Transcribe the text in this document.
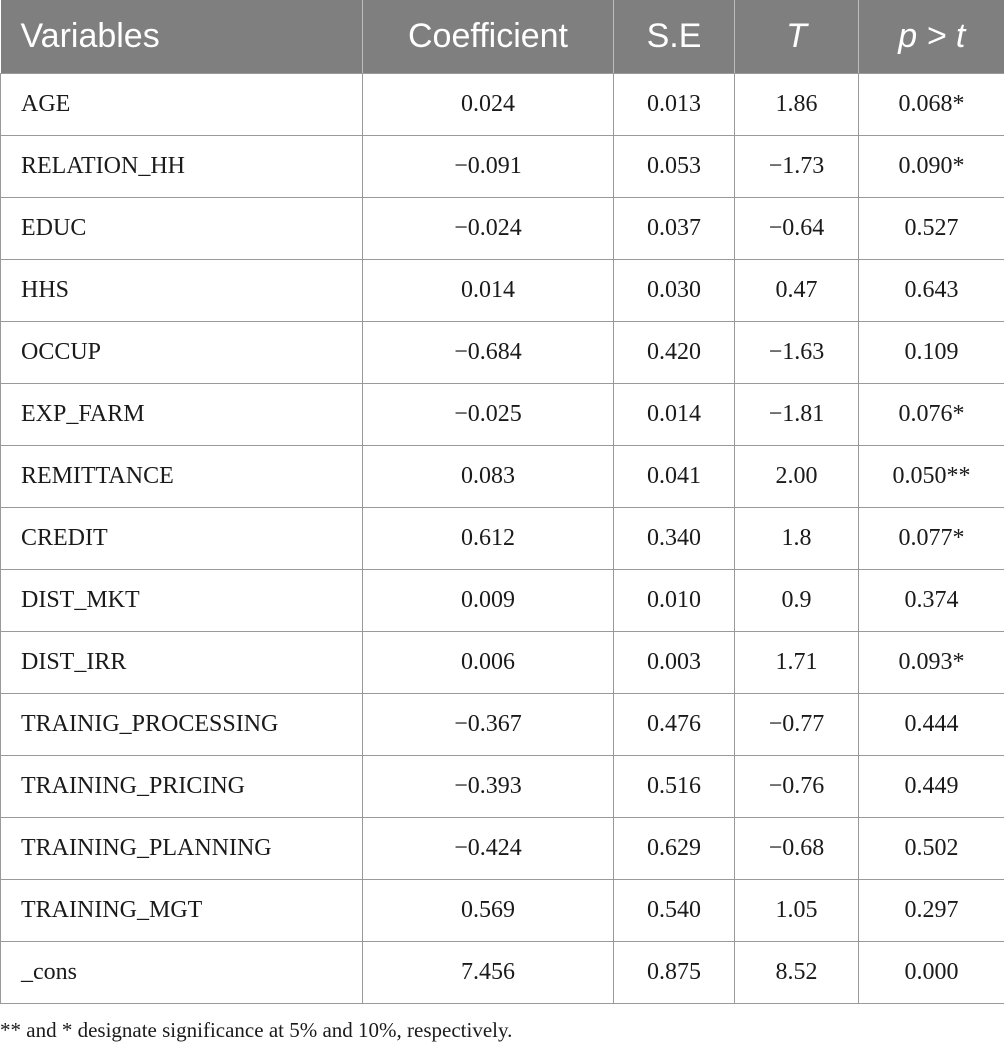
Variables	Coefficient	S.E	T	p > t
AGE	0.024	0.013	1.86	0.068*
RELATION_HH	−0.091	0.053	−1.73	0.090*
EDUC	−0.024	0.037	−0.64	0.527
HHS	0.014	0.030	0.47	0.643
OCCUP	−0.684	0.420	−1.63	0.109
EXP_FARM	−0.025	0.014	−1.81	0.076*
REMITTANCE	0.083	0.041	2.00	0.050**
CREDIT	0.612	0.340	1.8	0.077*
DIST_MKT	0.009	0.010	0.9	0.374
DIST_IRR	0.006	0.003	1.71	0.093*
TRAINIG_PROCESSING	−0.367	0.476	−0.77	0.444
TRAINING_PRICING	−0.393	0.516	−0.76	0.449
TRAINING_PLANNING	−0.424	0.629	−0.68	0.502
TRAINING_MGT	0.569	0.540	1.05	0.297
_cons	7.456	0.875	8.52	0.000
** and * designate significance at 5% and 10%, respectively.
